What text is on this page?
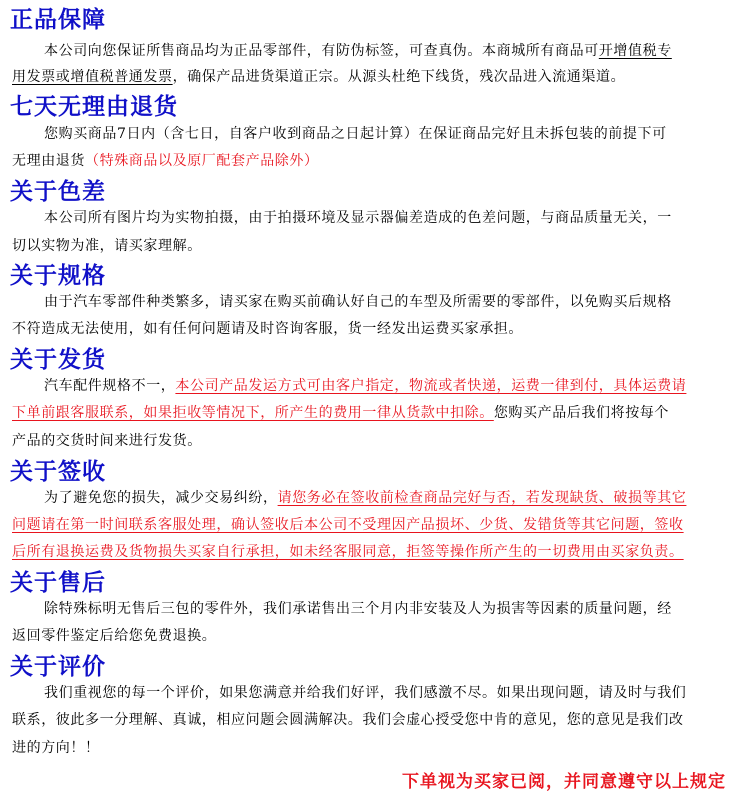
正品保障
本公司向您保证所售商品均为正品零部件，有防伪标签，可查真伪。本商城所有商品可开增值税专
用发票或增值税普通发票，确保产品进货渠道正宗。从源头杜绝下线货，残次品进入流通渠道。
七天无理由退货
您购买商品7日内（含七日，自客户收到商品之日起计算）在保证商品完好且未拆包装的前提下可
无理由退货（特殊商品以及原厂配套产品除外）
关于色差
本公司所有图片均为实物拍摄，由于拍摄环境及显示器偏差造成的色差问题，与商品质量无关，一
切以实物为准，请买家理解。
关于规格
由于汽车零部件种类繁多，请买家在购买前确认好自己的车型及所需要的零部件，以免购买后规格
不符造成无法使用，如有任何问题请及时咨询客服，货一经发出运费买家承担。
关于发货
汽车配件规格不一，本公司产品发运方式可由客户指定，物流或者快递，运费一律到付，具体运费请
下单前跟客服联系，如果拒收等情况下，所产生的费用一律从货款中扣除。您购买产品后我们将按每个
产品的交货时间来进行发货。
关于签收
为了避免您的损失，减少交易纠纷，请您务必在签收前检查商品完好与否，若发现缺货、破损等其它
问题请在第一时间联系客服处理，确认签收后本公司不受理因产品损坏、少货、发错货等其它问题，签收
后所有退换运费及货物损失买家自行承担，如未经客服同意，拒签等操作所产生的一切费用由买家负责。
关于售后
除特殊标明无售后三包的零件外，我们承诺售出三个月内非安装及人为损害等因素的质量问题，经
返回零件鉴定后给您免费退换。
关于评价
我们重视您的每一个评价，如果您满意并给我们好评，我们感激不尽。如果出现问题，请及时与我们
联系，彼此多一分理解、真诚，相应问题会圆满解决。我们会虚心授受您中肯的意见，您的意见是我们改
进的方向！！
下单视为买家已阅，并同意遵守以上规定
